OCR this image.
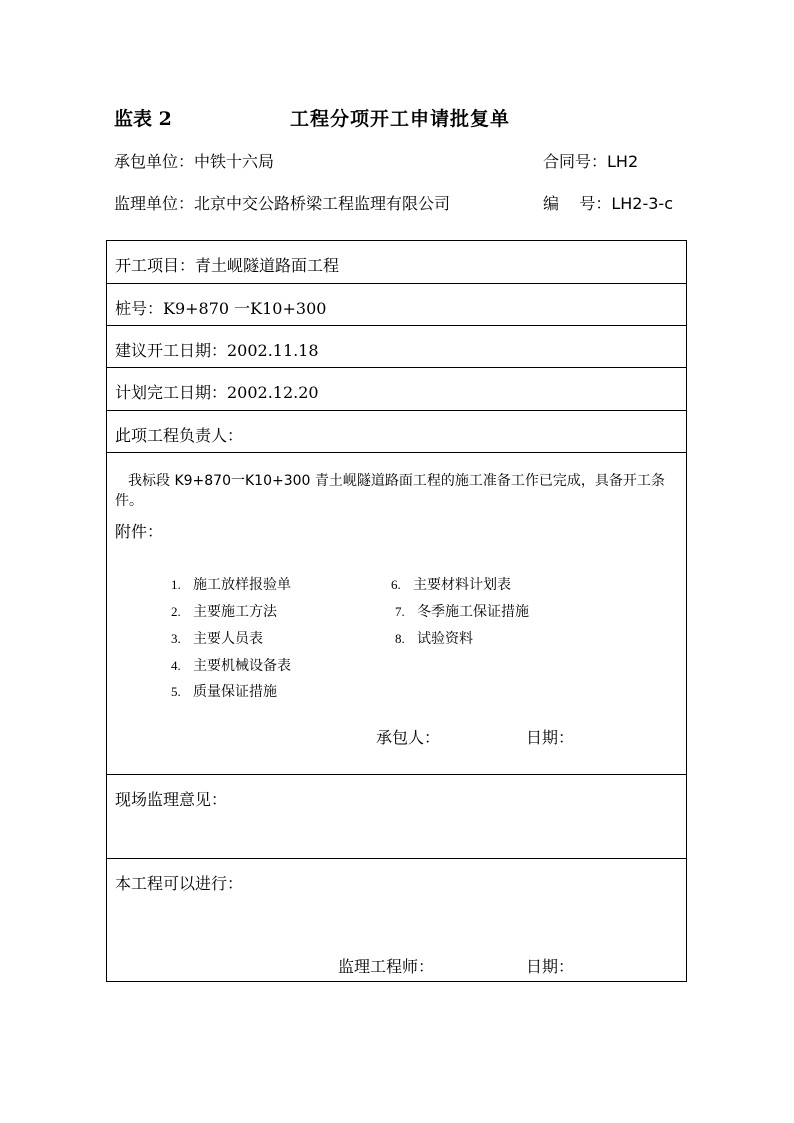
监表 2	工程分项开工申请批复单
承包单位：中铁十六局	合同号：LH2
监理单位：北京中交公路桥梁工程监理有限公司	编    号：LH2-3-c
开工项目：青土岘隧道路面工程
桩号：K9+870 一K10+300
建议开工日期：2002.11.18
计划完工日期：2002.12.20
此项工程负责人：
我标段 K9+870一K10+300 青土岘隧道路面工程的施工准备工作已完成，具备开工条件。
附件：
1. 施工放样报验单
2. 主要施工方法
3. 主要人员表
4. 主要机械设备表
5. 质量保证措施
6. 主要材料计划表
7. 冬季施工保证措施
8. 试验资料
现场监理意见：
本工程可以进行：
承包人：	日期：
监理工程师：	日期：
